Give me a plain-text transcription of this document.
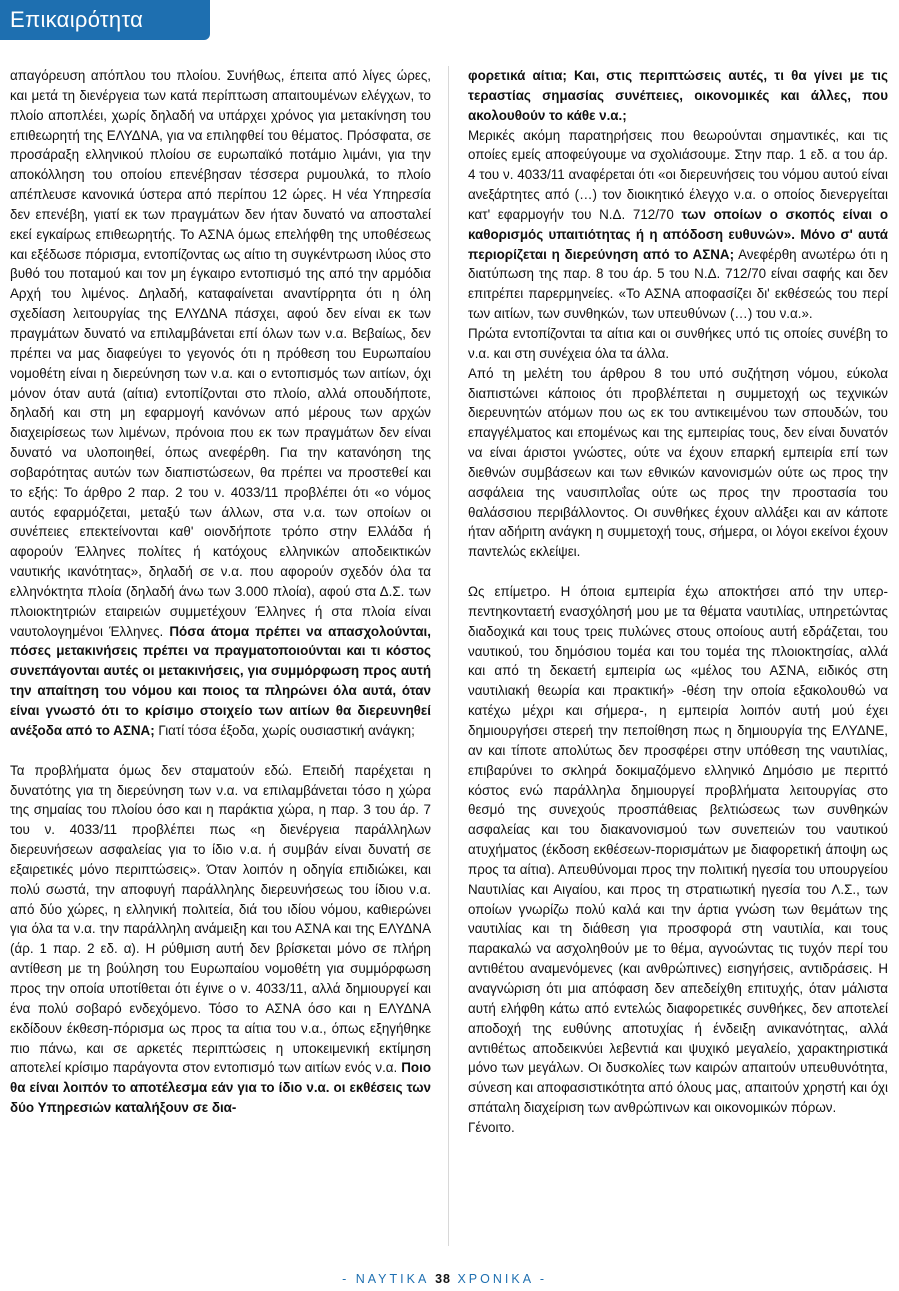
Επικαιρότητα

απαγόρευση απόπλου του πλοίου. Συνήθως, έπειτα από λίγες ώρες, και μετά τη διενέργεια των κατά περίπτωση απαιτουμένων ελέγχων, το πλοίο αποπλέει, χωρίς δηλαδή να υπάρχει χρόνος για μετακίνηση του επιθεωρητή της ΕΛΥΔΝΑ, για να επιληφθεί του θέματος. Πρόσφατα, σε προσάραξη ελληνικού πλοίου σε ευρωπαϊκό ποτάμιο λιμάνι, για την αποκόλληση του οποίου επενέβησαν τέσσερα ρυμουλκά, το πλοίο απέπλευσε κανονικά ύστερα από περίπου 12 ώρες. Η νέα Υπηρεσία δεν επενέβη, γιατί εκ των πραγμάτων δεν ήταν δυνατό να αποσταλεί εκεί εγκαίρως επιθεωρητής. Το ΑΣΝΑ όμως επελήφθη της υποθέσεως και εξέδωσε πόρισμα, εντοπίζοντας ως αίτιο τη συγκέντρωση ιλύος στο βυθό του ποταμού και τον μη έγκαιρο εντοπισμό της από την αρμόδια Αρχή του λιμένος. Δηλαδή, καταφαίνεται αναντίρρητα ότι η όλη σχεδίαση λειτουργίας της ΕΛΥΔΝΑ πάσχει, αφού δεν είναι εκ των πραγμάτων δυνατό να επιλαμβάνεται επί όλων των ν.α. Βεβαίως, δεν πρέπει να μας διαφεύγει το γεγονός ότι η πρόθεση του Ευρωπαίου νομοθέτη είναι η διερεύνηση των ν.α. και ο εντοπισμός των αιτίων, όχι μόνον όταν αυτά (αίτια) εντοπίζονται στο πλοίο, αλλά οπουδήποτε, δηλαδή και στη μη εφαρμογή κανόνων από μέρους των αρχών διαχειρίσεως των λιμένων, πρόνοια που εκ των πραγμάτων δεν είναι δυνατό να υλοποιηθεί, όπως ανεφέρθη. Για την κατανόηση της σοβαρότητας αυτών των διαπιστώσεων, θα πρέπει να προστεθεί και το εξής: Το άρθρο 2 παρ. 2 του ν. 4033/11 προβλέπει ότι «ο νόμος αυτός εφαρμόζεται, μεταξύ των άλλων, στα ν.α. των οποίων οι συνέπειες επεκτείνονται καθ' οιονδήποτε τρόπο στην Ελλάδα ή αφορούν Έλληνες πολίτες ή κατόχους ελληνικών αποδεικτικών ναυτικής ικανότητας», δηλαδή σε ν.α. που αφορούν σχεδόν όλα τα ελληνόκτητα πλοία (δηλαδή άνω των 3.000 πλοία), αφού στα Δ.Σ. των πλοιοκτητριών εταιρειών συμμετέχουν Έλληνες ή στα πλοία είναι ναυτολογημένοι Έλληνες. Πόσα άτομα πρέπει να απασχολούνται, πόσες μετακινήσεις πρέπει να πραγματοποιούνται και τι κόστος συνεπάγονται αυτές οι μετακινήσεις, για συμμόρφωση προς αυτή την απαίτηση του νόμου και ποιος τα πληρώνει όλα αυτά, όταν είναι γνωστό ότι το κρίσιμο στοιχείο των αιτίων θα διερευνηθεί ανέξοδα από το ΑΣΝΑ; Γιατί τόσα έξοδα, χωρίς ουσιαστική ανάγκη;

Τα προβλήματα όμως δεν σταματούν εδώ. Επειδή παρέχεται η δυνατότης για τη διερεύνηση των ν.α. να επιλαμβάνεται τόσο η χώρα της σημαίας του πλοίου όσο και η παράκτια χώρα, η παρ. 3 του άρ. 7 του ν. 4033/11 προβλέπει πως «η διενέργεια παράλληλων διερευνήσεων ασφαλείας για το ίδιο ν.α. ή συμβάν είναι δυνατή σε εξαιρετικές μόνο περιπτώσεις». Όταν λοιπόν η οδηγία επιδιώκει, και πολύ σωστά, την αποφυγή παράλληλης διερευνήσεως του ίδιου ν.α. από δύο χώρες, η ελληνική πολιτεία, διά του ιδίου νόμου, καθιερώνει για όλα τα ν.α. την παράλληλη ανάμειξη και του ΑΣΝΑ και της ΕΛΥΔΝΑ (άρ. 1 παρ. 2 εδ. α). Η ρύθμιση αυτή δεν βρίσκεται μόνο σε πλήρη αντίθεση με τη βούληση του Ευρωπαίου νομοθέτη για συμμόρφωση προς την οποία υποτίθεται ότι έγινε ο ν. 4033/11, αλλά δημιουργεί και ένα πολύ σοβαρό ενδεχόμενο. Τόσο το ΑΣΝΑ όσο και η ΕΛΥΔΝΑ εκδίδουν έκθεση-πόρισμα ως προς τα αίτια του ν.α., όπως εξηγήθηκε πιο πάνω, και σε αρκετές περιπτώσεις η υποκειμενική εκτίμηση αποτελεί κρίσιμο παράγοντα στον εντοπισμό των αιτίων ενός ν.α. Ποιο θα είναι λοιπόν το αποτέλεσμα εάν για το ίδιο ν.α. οι εκθέσεις των δύο Υπηρεσιών καταλήξουν σε δια-

φορετικά αίτια; Και, στις περιπτώσεις αυτές, τι θα γίνει με τις τεραστίας σημασίας συνέπειες, οικονομικές και άλλες, που ακολουθούν το κάθε ν.α.;

Μερικές ακόμη παρατηρήσεις που θεωρούνται σημαντικές, και τις οποίες εμείς αποφεύγουμε να σχολιάσουμε. Στην παρ. 1 εδ. α του άρ. 4 του ν. 4033/11 αναφέρεται ότι «οι διερευνήσεις του νόμου αυτού είναι ανεξάρτητες από (…) τον διοικητικό έλεγχο ν.α. ο οποίος διενεργείται κατ' εφαρμογήν του Ν.Δ. 712/70 των οποίων ο σκοπός είναι ο καθορισμός υπαιτιότητας ή η απόδοση ευθυνών». Μόνο σ' αυτά περιορίζεται η διερεύνηση από το ΑΣΝΑ; Ανεφέρθη ανωτέρω ότι η διατύπωση της παρ. 8 του άρ. 5 του Ν.Δ. 712/70 είναι σαφής και δεν επιτρέπει παρερμηνείες. «Το ΑΣΝΑ αποφασίζει δι' εκθέσεώς του περί των αιτίων, των συνθηκών, των υπευθύνων (…) του ν.α.».

Πρώτα εντοπίζονται τα αίτια και οι συνθήκες υπό τις οποίες συνέβη το ν.α. και στη συνέχεια όλα τα άλλα.

Από τη μελέτη του άρθρου 8 του υπό συζήτηση νόμου, εύκολα διαπιστώνει κάποιος ότι προβλέπεται η συμμετοχή ως τεχνικών διερευνητών ατόμων που ως εκ του αντικειμένου των σπουδών, του επαγγέλματος και επομένως και της εμπειρίας τους, δεν είναι δυνατόν να είναι άριστοι γνώστες, ούτε να έχουν επαρκή εμπειρία επί των διεθνών συμβάσεων και των εθνικών κανονισμών ούτε ως προς την ασφάλεια της ναυσιπλοΐας ούτε ως προς την προστασία του θαλάσσιου περιβάλλοντος. Οι συνθήκες έχουν αλλάξει και αν κάποτε ήταν αδήριτη ανάγκη η συμμετοχή τους, σήμερα, οι λόγοι εκείνοι έχουν παντελώς εκλείψει.

Ως επίμετρο. Η όποια εμπειρία έχω αποκτήσει από την υπερ-πεντηκονταετή ενασχόλησή μου με τα θέματα ναυτιλίας, υπηρετώντας διαδοχικά και τους τρεις πυλώνες στους οποίους αυτή εδράζεται, του ναυτικού, του δημόσιου τομέα και του τομέα της πλοιοκτησίας, αλλά και από τη δεκαετή εμπειρία ως «μέλος του ΑΣΝΑ, ειδικός στη ναυτιλιακή θεωρία και πρακτική» -θέση την οποία εξακολουθώ να κατέχω μέχρι και σήμερα-, η εμπειρία λοιπόν αυτή μού έχει δημιουργήσει στερεή την πεποίθηση πως η δημιουργία της ΕΛΥΔΝΕ, αν και τίποτε απολύτως δεν προσφέρει στην υπόθεση της ναυτιλίας, επιβαρύνει το σκληρά δοκιμαζόμενο ελληνικό Δημόσιο με περιττό κόστος ενώ παράλληλα δημιουργεί προβλήματα λειτουργίας στο θεσμό της συνεχούς προσπάθειας βελτιώσεως των συνθηκών ασφαλείας και του διακανονισμού των συνεπειών του ναυτικού ατυχήματος (έκδοση εκθέσεων-πορισμάτων με διαφορετική άποψη ως προς τα αίτια). Απευθύνομαι προς την πολιτική ηγεσία του υπουργείου Ναυτιλίας και Αιγαίου, και προς τη στρατιωτική ηγεσία του Λ.Σ., των οποίων γνωρίζω πολύ καλά και την άρτια γνώση των θεμάτων της ναυτιλίας και τη διάθεση για προσφορά στη ναυτιλία, και τους παρακαλώ να ασχοληθούν με το θέμα, αγνοώντας τις τυχόν περί του αντιθέτου αναμενόμενες (και ανθρώπινες) εισηγήσεις, αντιδράσεις. Η αναγνώριση ότι μια απόφαση δεν απεδείχθη επιτυχής, όταν μάλιστα αυτή ελήφθη κάτω από εντελώς διαφορετικές συνθήκες, δεν αποτελεί αποδοχή της ευθύνης αποτυχίας ή ένδειξη ανικανότητας, αλλά αντιθέτως αποδεικνύει λεβεντιά και ψυχικό μεγαλείο, χαρακτηριστικά μόνο των μεγάλων. Οι δυσκολίες των καιρών απαιτούν υπευθυνότητα, σύνεση και αποφασιστικότητα από όλους μας, απαιτούν χρηστή και όχι σπάταλη διαχείριση των ανθρώπινων και οικονομικών πόρων.

Γένοιτο.

- ΝΑΥΤΙΚΑ 38 ΧΡΟΝΙΚΑ -
